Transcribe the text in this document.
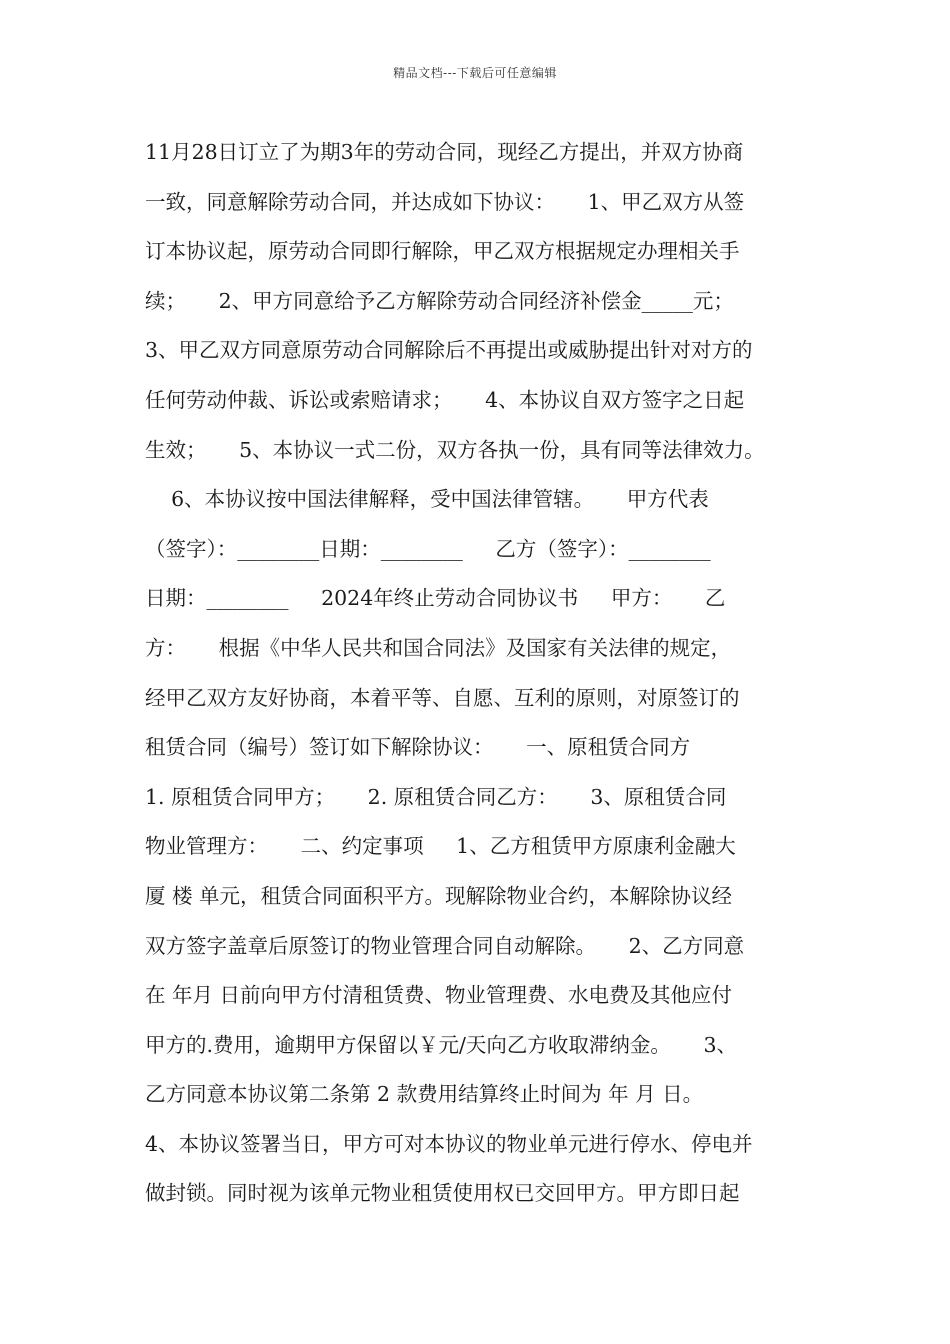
精品文档---下载后可任意编辑
11月28日订立了为期3年的劳动合同，现经乙方提出，并双方协商
一致，同意解除劳动合同，并达成如下协议：     1、甲乙双方从签
订本协议起，原劳动合同即行解除，甲乙双方根据规定办理相关手
续；     2、甲方同意给予乙方解除劳动合同经济补偿金_____元；
3、甲乙双方同意原劳动合同解除后不再提出或威胁提出针对对方的
任何劳动仲裁、诉讼或索赔请求；     4、本协议自双方签字之日起
生效；     5、本协议一式二份，双方各执一份，具有同等法律效力。
6、本协议按中国法律解释，受中国法律管辖。     甲方代表
（签字）：________日期：________     乙方（签字）：________
日期：________     2024年终止劳动合同协议书     甲方：     乙
方：     根据《中华人民共和国合同法》及国家有关法律的规定，
经甲乙双方友好协商，本着平等、自愿、互利的原则，对原签订的
租赁合同（编号）签订如下解除协议：     一、原租赁合同方
1. 原租赁合同甲方；     2. 原租赁合同乙方：     3、原租赁合同
物业管理方：     二、约定事项     1、乙方租赁甲方原康利金融大
厦 楼 单元，租赁合同面积平方。现解除物业合约，本解除协议经
双方签字盖章后原签订的物业管理合同自动解除。     2、乙方同意
在 年月 日前向甲方付清租赁费、物业管理费、水电费及其他应付
甲方的.费用，逾期甲方保留以￥元/天向乙方收取滞纳金。     3、
乙方同意本协议第二条第 2 款费用结算终止时间为 年 月 日。
4、本协议签署当日，甲方可对本协议的物业单元进行停水、停电并
做封锁。同时视为该单元物业租赁使用权已交回甲方。甲方即日起
